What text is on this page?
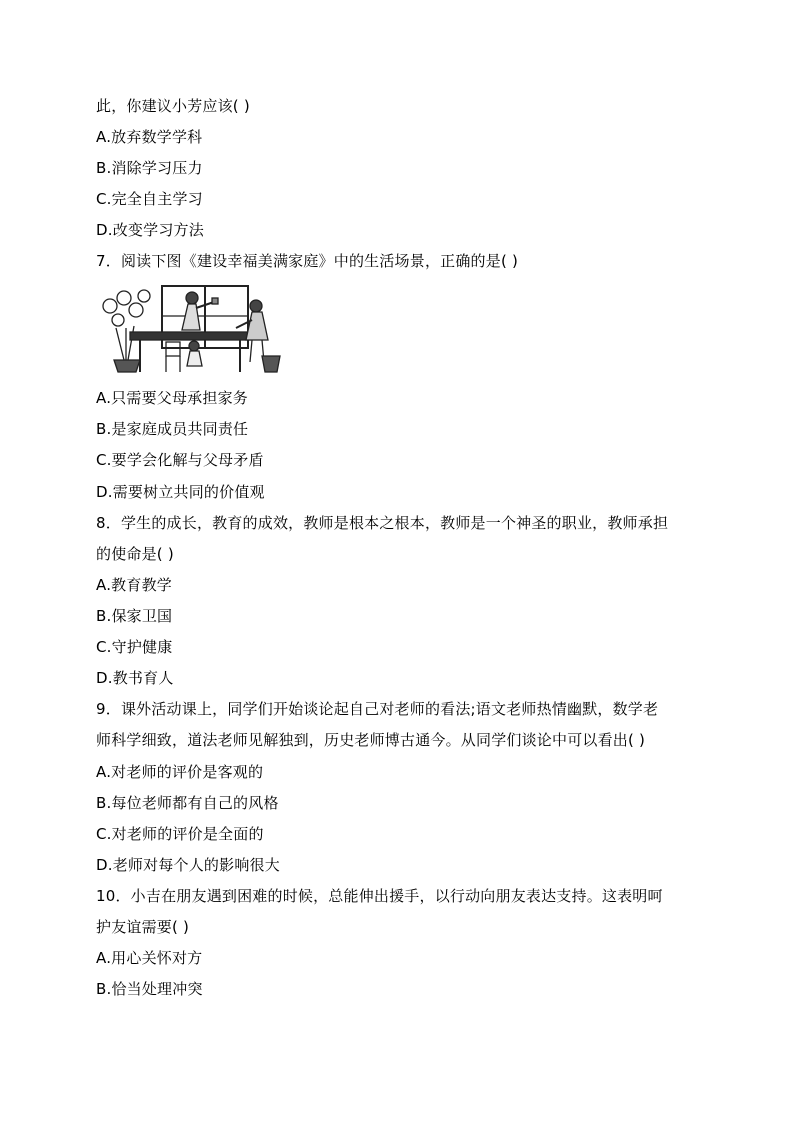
此，你建议小芳应该( )
A.放弃数学学科
B.消除学习压力
C.完全自主学习
D.改变学习方法
7．阅读下图《建设幸福美满家庭》中的生活场景，正确的是( )
A.只需要父母承担家务
B.是家庭成员共同责任
C.要学会化解与父母矛盾
D.需要树立共同的价值观
8．学生的成长，教育的成效，教师是根本之根本，教师是一个神圣的职业，教师承担
的使命是( )
A.教育教学
B.保家卫国
C.守护健康
D.教书育人
9．课外活动课上，同学们开始谈论起自己对老师的看法;语文老师热情幽默，数学老
师科学细致，道法老师见解独到，历史老师博古通今。从同学们谈论中可以看出( )
A.对老师的评价是客观的
B.每位老师都有自己的风格
C.对老师的评价是全面的
D.老师对每个人的影响很大
10．小吉在朋友遇到困难的时候，总能伸出援手，以行动向朋友表达支持。这表明呵
护友谊需要( )
A.用心关怀对方
B.恰当处理冲突
